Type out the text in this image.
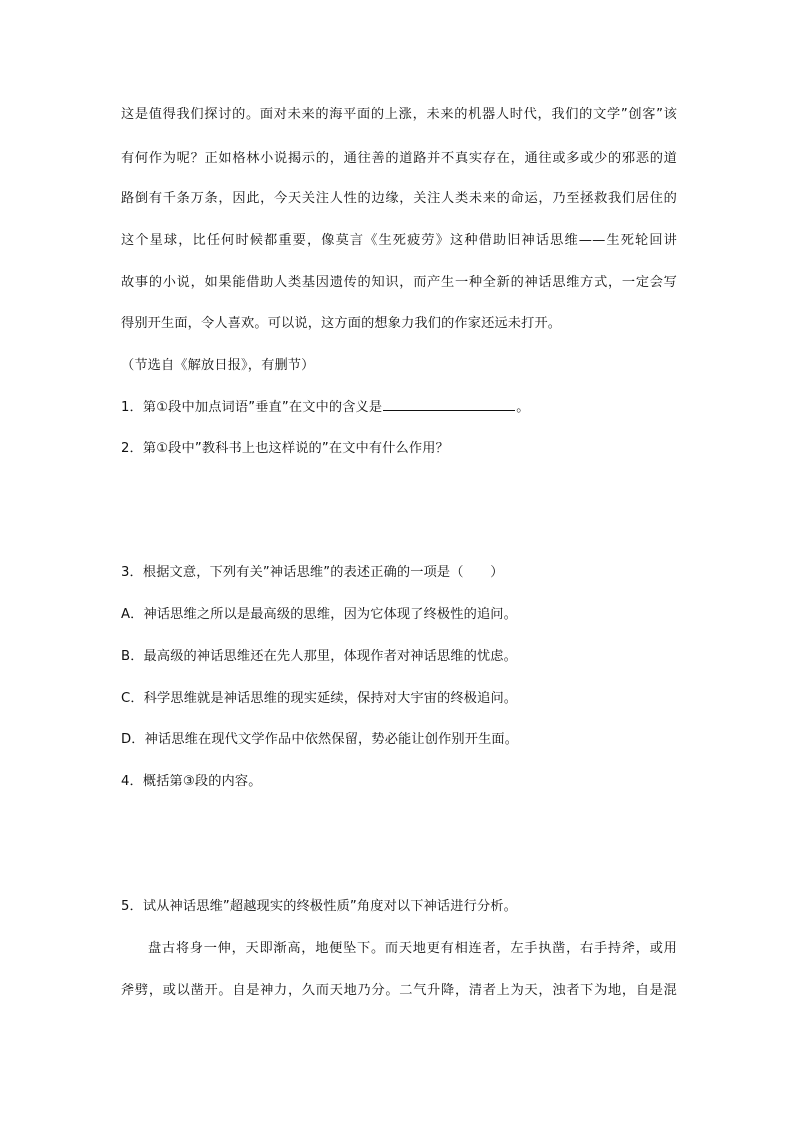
这是值得我们探讨的。面对未来的海平面的上涨，未来的机器人时代，我们的文学”创客”该
有何作为呢？正如格林小说揭示的，通往善的道路并不真实存在，通往或多或少的邪恶的道
路倒有千条万条，因此，今天关注人性的边缘，关注人类未来的命运，乃至拯救我们居住的
这个星球，比任何时候都重要，像莫言《生死疲劳》这种借助旧神话思维——生死轮回讲
故事的小说，如果能借助人类基因遗传的知识，而产生一种全新的神话思维方式，一定会写
得别开生面，令人喜欢。可以说，这方面的想象力我们的作家还远未打开。
（节选自《解放日报》，有删节）
1．第①段中加点词语”垂直”在文中的含义是	。
2．第①段中”教科书上也这样说的”在文中有什么作用？
3．根据文意，下列有关”神话思维”的表述正确的一项是（　　）
A．神话思维之所以是最高级的思维，因为它体现了终极性的追问。
B．最高级的神话思维还在先人那里，体现作者对神话思维的忧虑。
C．科学思维就是神话思维的现实延续，保持对大宇宙的终极追问。
D．神话思维在现代文学作品中依然保留，势必能让创作别开生面。
4．概括第③段的内容。
5．试从神话思维”超越现实的终极性质”角度对以下神话进行分析。
盘古将身一伸，天即渐高，地便坠下。而天地更有相连者，左手执凿，右手持斧，或用
斧劈，或以凿开。自是神力，久而天地乃分。二气升降，清者上为天，浊者下为地，自是混
